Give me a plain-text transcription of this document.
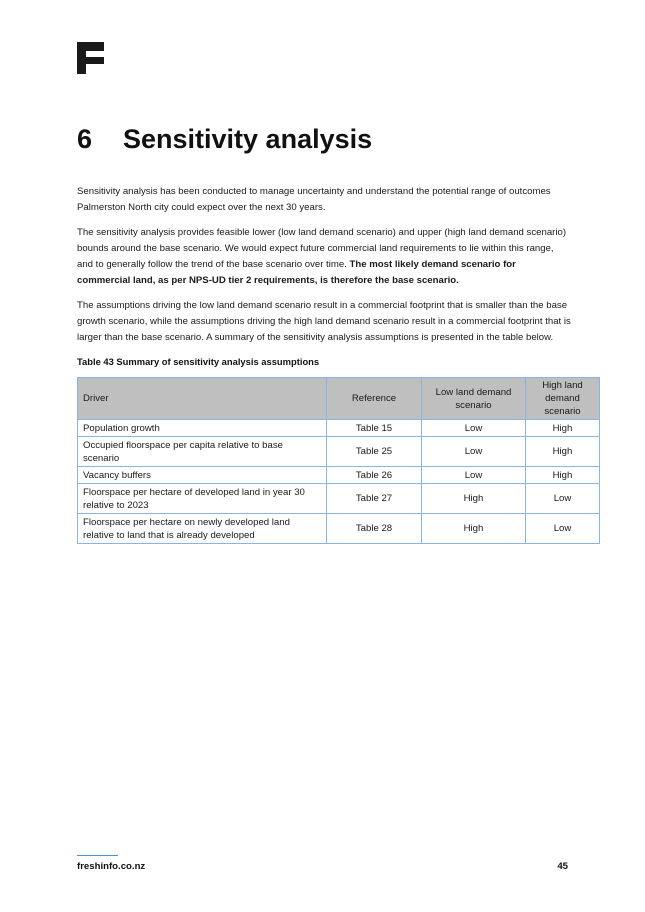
6 Sensitivity analysis

Sensitivity analysis has been conducted to manage uncertainty and understand the potential range of outcomes Palmerston North city could expect over the next 30 years.

The sensitivity analysis provides feasible lower (low land demand scenario) and upper (high land demand scenario) bounds around the base scenario. We would expect future commercial land requirements to lie within this range, and to generally follow the trend of the base scenario over time. The most likely demand scenario for commercial land, as per NPS-UD tier 2 requirements, is therefore the base scenario.

The assumptions driving the low land demand scenario result in a commercial footprint that is smaller than the base growth scenario, while the assumptions driving the high land demand scenario result in a commercial footprint that is larger than the base scenario. A summary of the sensitivity analysis assumptions is presented in the table below.

Table 43 Summary of sensitivity analysis assumptions
Driver	Reference	Low land demand scenario	High land demand scenario
Population growth	Table 15	Low	High
Occupied floorspace per capita relative to base scenario	Table 25	Low	High
Vacancy buffers	Table 26	Low	High
Floorspace per hectare of developed land in year 30 relative to 2023	Table 27	High	Low
Floorspace per hectare on newly developed land relative to land that is already developed	Table 28	High	Low
freshinfo.co.nz	45
